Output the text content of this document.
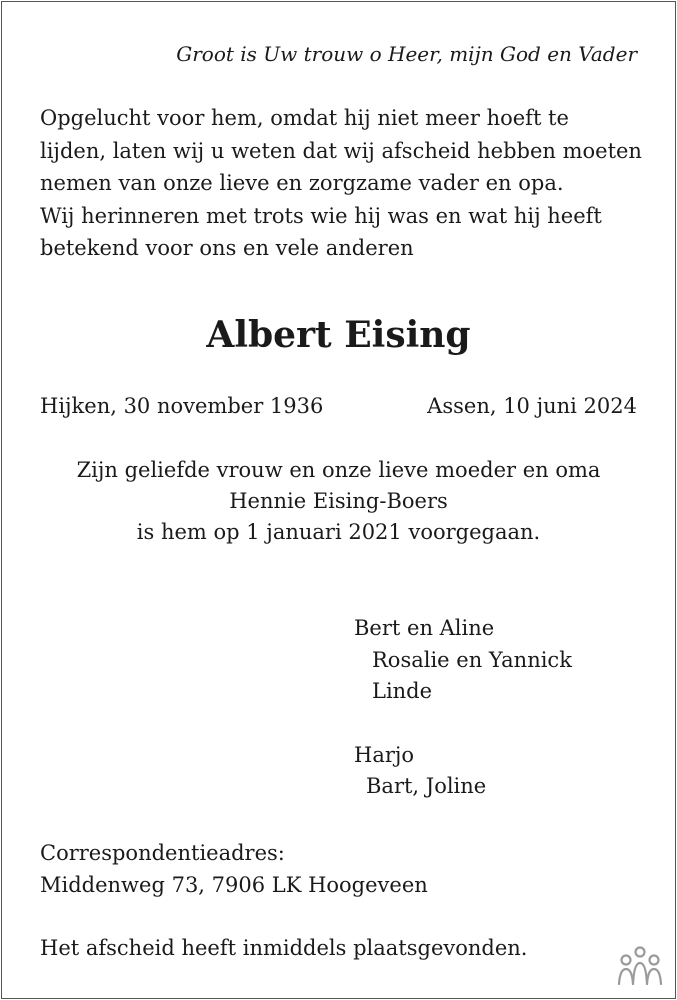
Groot is Uw trouw o Heer, mijn God en Vader

Opgelucht voor hem, omdat hij niet meer hoeft te
lijden, laten wij u weten dat wij afscheid hebben moeten
nemen van onze lieve en zorgzame vader en opa.
Wij herinneren met trots wie hij was en wat hij heeft
betekend voor ons en vele anderen
Albert Eising

Hijken, 30 november 1936	Assen, 10 juni 2024

Zijn geliefde vrouw en onze lieve moeder en oma
Hennie Eising-Boers
is hem op 1 januari 2021 voorgegaan.
Bert en Aline
Rosalie en Yannick
Linde
Harjo
Bart, Joline

Correspondentieadres:

Middenweg 73, 7906 LK Hoogeveen

Het afscheid heeft inmiddels plaatsgevonden.
